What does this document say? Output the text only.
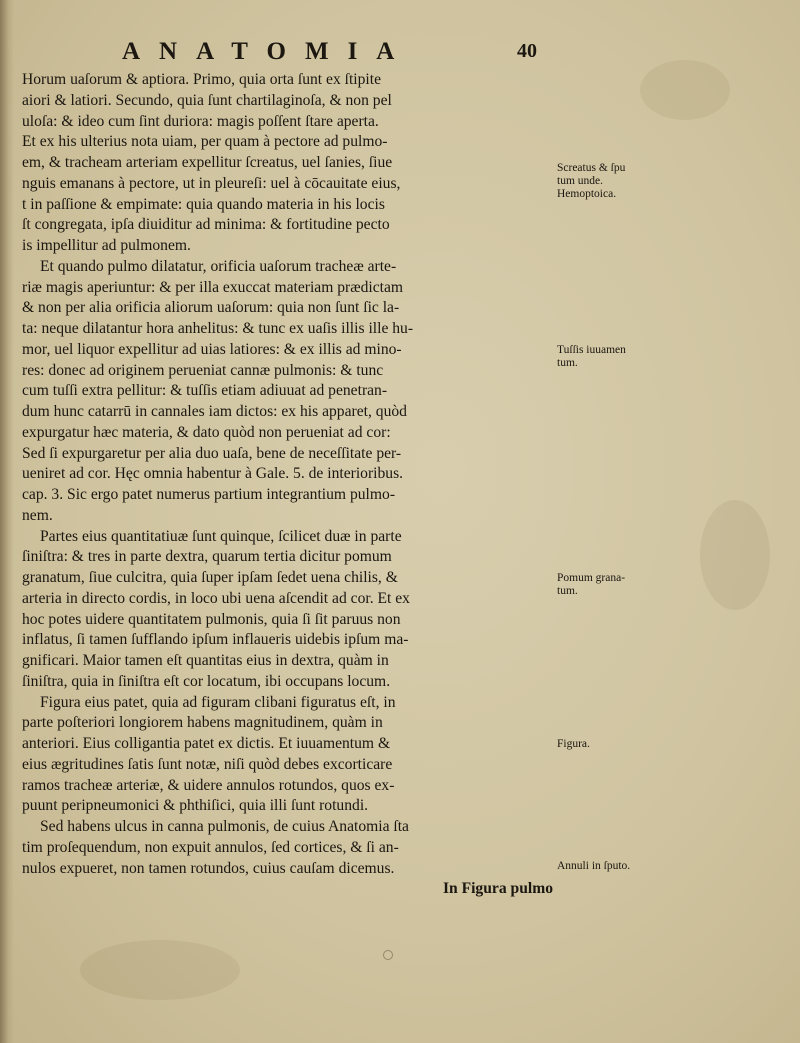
ANATOMIA	40
Horum uaſorum & aptiora. Primo, quia orta ſunt ex ſtipite
aiori & latiori. Secundo, quia ſunt chartilaginoſa, & non pel
uloſa: & ideo cum ſint duriora: magis poſſent ſtare aperta.
Et ex his ulterius nota uiam, per quam à pectore ad pulmo-
em, & tracheam arteriam expellitur ſcreatus, uel ſanies, ſiue
nguis emanans à pectore, ut in pleureſi: uel à cōcauitate eius,
t in paſſione & empimate: quia quando materia in his locis
ſt congregata, ipſa diuiditur ad minima: & fortitudine pecto
is impellitur ad pulmonem.
Et quando pulmo dilatatur, orificia uaſorum tracheæ arte-
riæ magis aperiuntur: & per illa exuccat materiam prædictam
& non per alia orificia aliorum uaſorum: quia non ſunt ſic la-
ta: neque dilatantur hora anhelitus: & tunc ex uaſis illis ille hu-
mor, uel liquor expellitur ad uias latiores: & ex illis ad mino-
res: donec ad originem perueniat cannæ pulmonis: & tunc
cum tuſſi extra pellitur: & tuſſis etiam adiuuat ad penetran-
dum hunc catarrū in cannales iam dictos: ex his apparet, quòd
expurgatur hæc materia, & dato quòd non perueniat ad cor:
Sed ſi expurgaretur per alia duo uaſa, bene de neceſſitate per-
ueniret ad cor. Hęc omnia habentur à Gale. 5. de interioribus.
cap. 3. Sic ergo patet numerus partium integrantium pulmo-
nem.
Partes eius quantitatiuæ ſunt quinque, ſcilicet duæ in parte
ſiniſtra: & tres in parte dextra, quarum tertia dicitur pomum
granatum, ſiue culcitra, quia ſuper ipſam ſedet uena chilis, &
arteria in directo cordis, in loco ubi uena aſcendit ad cor. Et ex
hoc potes uidere quantitatem pulmonis, quia ſi ſit paruus non
inflatus, ſi tamen ſufflando ipſum inflaueris uidebis ipſum ma-
gnificari. Maior tamen eſt quantitas eius in dextra, quàm in
ſiniſtra, quia in ſiniſtra eſt cor locatum, ibi occupans locum.
Figura eius patet, quia ad figuram clibani figuratus eſt, in
parte poſteriori longiorem habens magnitudinem, quàm in
anteriori. Eius colligantia patet ex dictis. Et iuuamentum &
eius ægritudines ſatis ſunt notæ, niſi quòd debes excorticare
ramos tracheæ arteriæ, & uidere annulos rotundos, quos ex-
puunt peripneumonici & phthiſici, quia illi ſunt rotundi.
Sed habens ulcus in canna pulmonis, de cuius Anatomia ſta
tim proſequendum, non expuit annulos, ſed cortices, & ſi an-
nulos expueret, non tamen rotundos, cuius cauſam dicemus.
In Figura pulmo
Screatus & ſpu
tum unde.
Hemoptoica.
Tuſſis iuuamen
tum.
Pomum grana-
tum.
Figura.
Annuli in ſputo.
